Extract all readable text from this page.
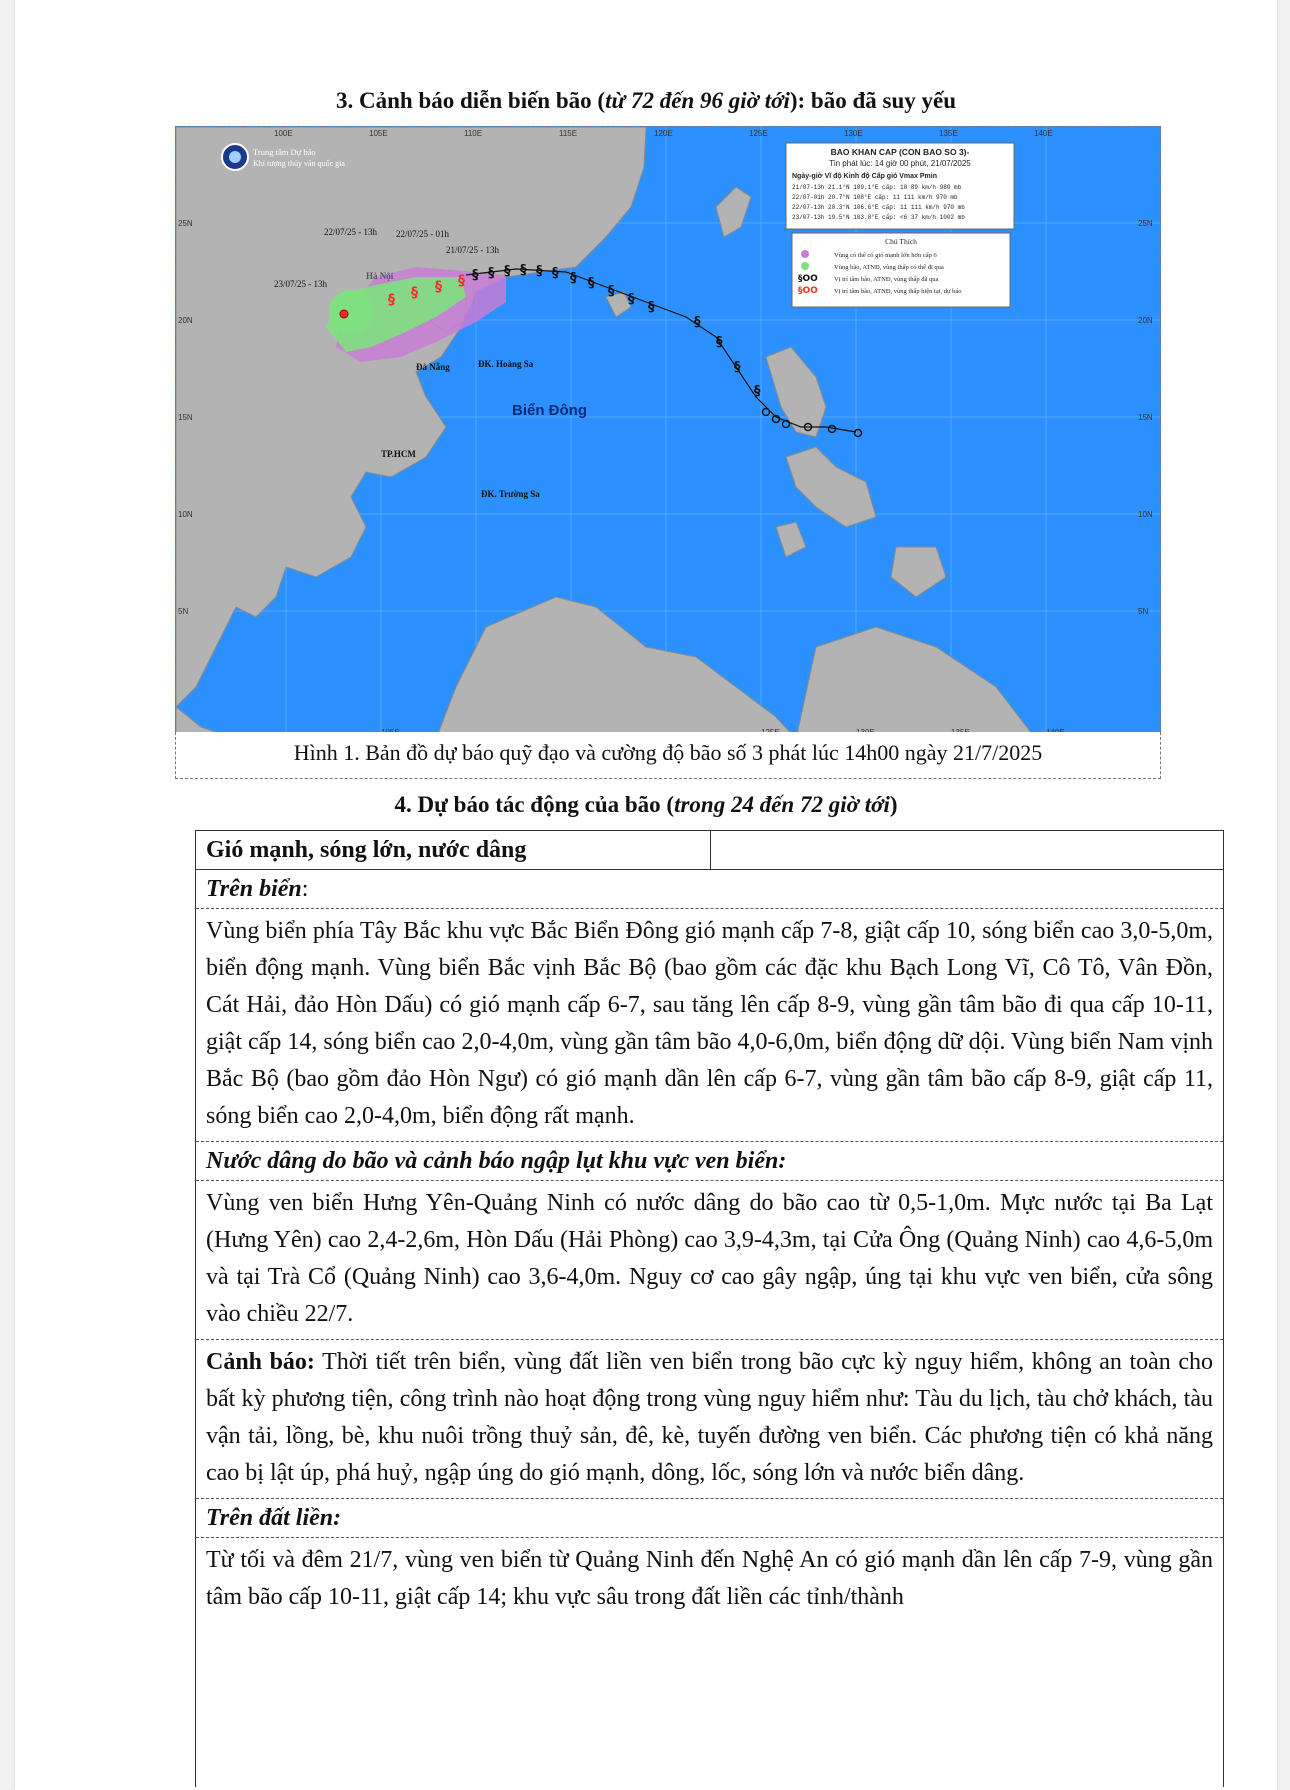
3. Cảnh báo diễn biến bão (từ 72 đến 96 giờ tới): bão đã suy yếu
100E	105E	110E	115E	120E	125E	130E	135E	140E
25N
20N
15N
10N
5N
25N
20N
15N
10N
5N
§ § § § § § § §
§
§
§
§
§
§
§
§
§
§
§
22/07/25 - 13h 22/07/25 - 01h
21/07/25 - 13h
23/07/25 - 13h
Hà Nội
Đà Nẵng	ĐK. Hoàng Sa
TP.HCM
ĐK. Trường Sa
Biển Đông
Trung tâm Dự báo
Khí tượng thủy văn quốc gia
BAO KHAN CAP (CON BAO SO 3)-
Tin phát lúc: 14 giờ 00 phút, 21/07/2025
Ngày-giờ Vĩ độ Kinh độ Cấp gió Vmax Pmin
21/07-13h 21.1°N 109.1°E cấp: 10 89 km/h 980 mb
22/07-01h 20.7°N 108°E cấp: 11 111 km/h 970 mb
22/07-13h 20.3°N 106.6°E cấp: 11 111 km/h 970 mb
23/07-13h 19.5°N 103.8°E cấp: <6 37 km/h 1002 mb
Chú Thích
Vùng có thể có gió mạnh lớn hơn cấp 6
Vùng bão, ATNĐ, vùng thấp có thể đi qua
§OO Vị trí tâm bão, ATNĐ, vùng thấp đã qua
§OO Vị trí tâm bão, ATNĐ, vùng thấp hiện tại, dự báo
Hình 1. Bản đồ dự báo quỹ đạo và cường độ bão số 3 phát lúc 14h00 ngày 21/7/2025
4. Dự báo tác động của bão (trong 24 đến 72 giờ tới)
Gió mạnh, sóng lớn, nước dâng
Trên biển:
Vùng biển phía Tây Bắc khu vực Bắc Biển Đông gió mạnh cấp 7-8, giật cấp 10, sóng biển cao 3,0-5,0m, biển động mạnh. Vùng biển Bắc vịnh Bắc Bộ (bao gồm các đặc khu Bạch Long Vĩ, Cô Tô, Vân Đồn, Cát Hải, đảo Hòn Dấu) có gió mạnh cấp 6-7, sau tăng lên cấp 8-9, vùng gần tâm bão đi qua cấp 10-11, giật cấp 14, sóng biển cao 2,0-4,0m, vùng gần tâm bão 4,0-6,0m, biển động dữ dội. Vùng biển Nam vịnh Bắc Bộ (bao gồm đảo Hòn Ngư) có gió mạnh dần lên cấp 6-7, vùng gần tâm bão cấp 8-9, giật cấp 11, sóng biển cao 2,0-4,0m, biển động rất mạnh.
Nước dâng do bão và cảnh báo ngập lụt khu vực ven biển:
Vùng ven biển Hưng Yên-Quảng Ninh có nước dâng do bão cao từ 0,5-1,0m. Mực nước tại Ba Lạt (Hưng Yên) cao 2,4-2,6m, Hòn Dấu (Hải Phòng) cao 3,9-4,3m, tại Cửa Ông (Quảng Ninh) cao 4,6-5,0m và tại Trà Cổ (Quảng Ninh) cao 3,6-4,0m. Nguy cơ cao gây ngập, úng tại khu vực ven biển, cửa sông vào chiều 22/7.
Cảnh báo: Thời tiết trên biển, vùng đất liền ven biển trong bão cực kỳ nguy hiểm, không an toàn cho bất kỳ phương tiện, công trình nào hoạt động trong vùng nguy hiểm như: Tàu du lịch, tàu chở khách, tàu vận tải, lồng, bè, khu nuôi trồng thuỷ sản, đê, kè, tuyến đường ven biển. Các phương tiện có khả năng cao bị lật úp, phá huỷ, ngập úng do gió mạnh, dông, lốc, sóng lớn và nước biển dâng.
Trên đất liền:
Từ tối và đêm 21/7, vùng ven biển từ Quảng Ninh đến Nghệ An có gió mạnh dần lên cấp 7-9, vùng gần tâm bão cấp 10-11, giật cấp 14; khu vực sâu trong đất liền các tỉnh/thành
